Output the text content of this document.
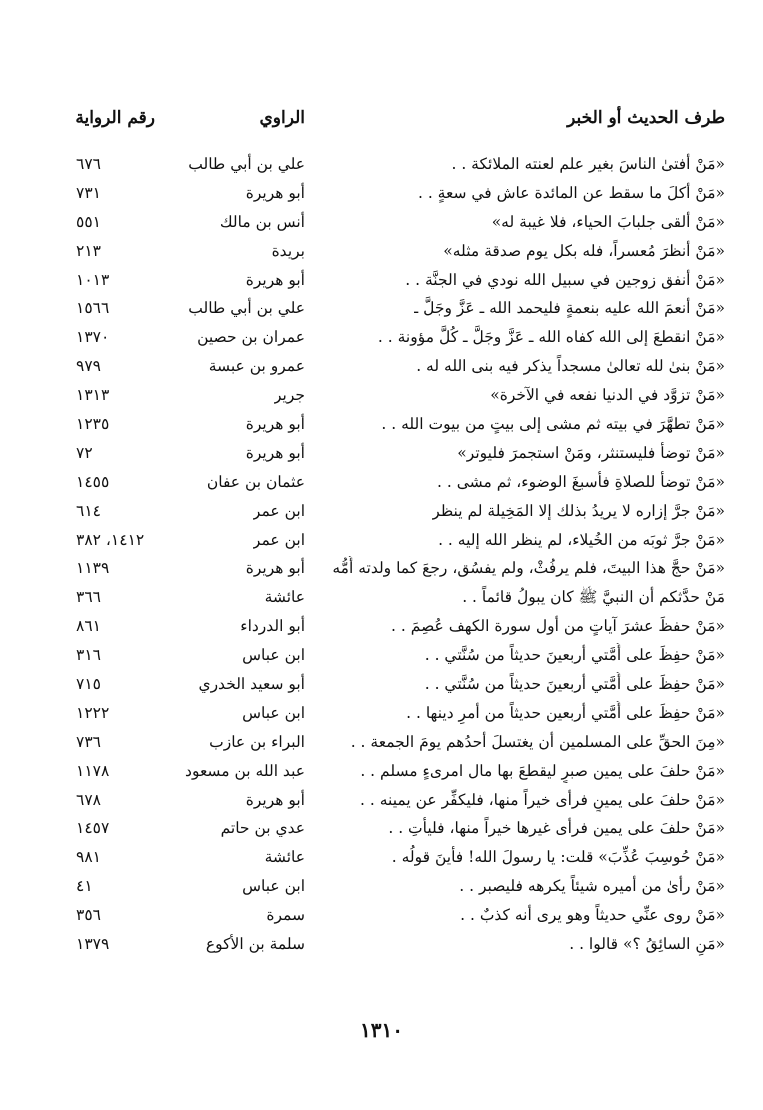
طرف الحديث أو الخبر
الراوي
رقم الرواية
«مَنْ أفتىٰ الناسَ بغير علم لعنته الملائكة . .
علي بن أبي طالب
٦٧٦
«مَنْ أكلَ ما سقط عن المائدة عاش في سعةٍ . .
أبو هريرة
٧٣١
«مَنْ ألقى جلبابَ الحياء، فلا غيبة له»
أنس بن مالك
٥٥١
«مَنْ أنظرَ مُعسراً، فله بكل يوم صدقة مثله»
بريدة
٢١٣
«مَنْ أنفق زوجين في سبيل الله نودي في الجنَّة . .
أبو هريرة
١٠١٣
«مَنْ أنعمَ الله عليه بنعمةٍ فليحمد الله ـ عَزَّ وجَلَّ ـ
علي بن أبي طالب
١٥٦٦
«مَنْ انقطعَ إلى الله كفاه الله ـ عَزَّ وجَلَّ ـ كُلَّ مؤونة . .
عمران بن حصين
١٣٧٠
«مَنْ بنىٰ لله تعالىٰ مسجداً يذكر فيه بنى الله له .
عمرو بن عبسة
٩٧٩
«مَنْ تزوَّد في الدنيا نفعه في الآخرة»
جرير
١٣١٣
«مَنْ تطهَّرَ في بيته ثم مشى إلى بيتٍ من بيوت الله . .
أبو هريرة
١٢٣٥
«مَنْ توضأ فليستنثر، ومَنْ استجمرَ فليوتر»
أبو هريرة
٧٢
«مَنْ توضأ للصلاةِ فأسبغَ الوضوء، ثم مشى . .
عثمان بن عفان
١٤٥٥
«مَنْ جرَّ إزاره لا يريدُ بذلك إلا المَخِيلة لم ينظر
ابن عمر
٦١٤
«مَنْ جرَّ ثوبَه من الخُيلاء، لم ينظر الله إليه . .
ابن عمر
١٤١٢، ٣٨٢
«مَنْ حجَّ هذا البيتَ، فلم يرفُثْ، ولم يفسُق، رجعَ كما ولدته أُمُّه
أبو هريرة
١١٣٩
مَنْ حدَّثكم أن النبيَّ ﷺ كان يبولُ قائماً . .
عائشة
٣٦٦
«مَنْ حفظَ عشرَ آياتٍ من أول سورة الكهف عُصِمَ . .
أبو الدرداء
٨٦١
«مَنْ حفِظَ على أُمَّتي أربعينَ حديثاً من سُنَّتي . .
ابن عباس
٣١٦
«مَنْ حفِظَ على أُمَّتي أربعينَ حديثاً من سُنَّتي . .
أبو سعيد الخدري
٧١٥
«مَنْ حفِظَ على أُمَّتي أربعين حديثاً من أمرِ دينها . .
ابن عباس
١٢٢٢
«مِنَ الحقِّ على المسلمين أن يغتسلَ أحدُهم يومَ الجمعة . .
البراء بن عازب
٧٣٦
«مَنْ حلفَ على يمين صبرٍ ليقطعَ بها مال امرىءٍ مسلم . .
عبد الله بن مسعود
١١٧٨
«مَنْ حلفَ على يمينٍ فرأى خيراً منها، فليكفِّر عن يمينه . .
أبو هريرة
٦٧٨
«مَنْ حلفَ على يمين فرأى غيرها خيراً منها، فليأتِ . .
عدي بن حاتم
١٤٥٧
«مَنْ حُوسِبَ عُذِّبَ» قلت: يا رسولَ الله! فأينَ قولُه .
عائشة
٩٨١
«مَنْ رأىٰ من أميره شيئاً يكرهه فليصبر . .
ابن عباس
٤١
«مَنْ روى عنِّي حديثاً وهو يرى أنه كذبٌ . .
سمرة
٣٥٦
«مَنِ السائِقُ ؟» قالوا . .
سلمة بن الأكوع
١٣٧٩
١٣١٠
